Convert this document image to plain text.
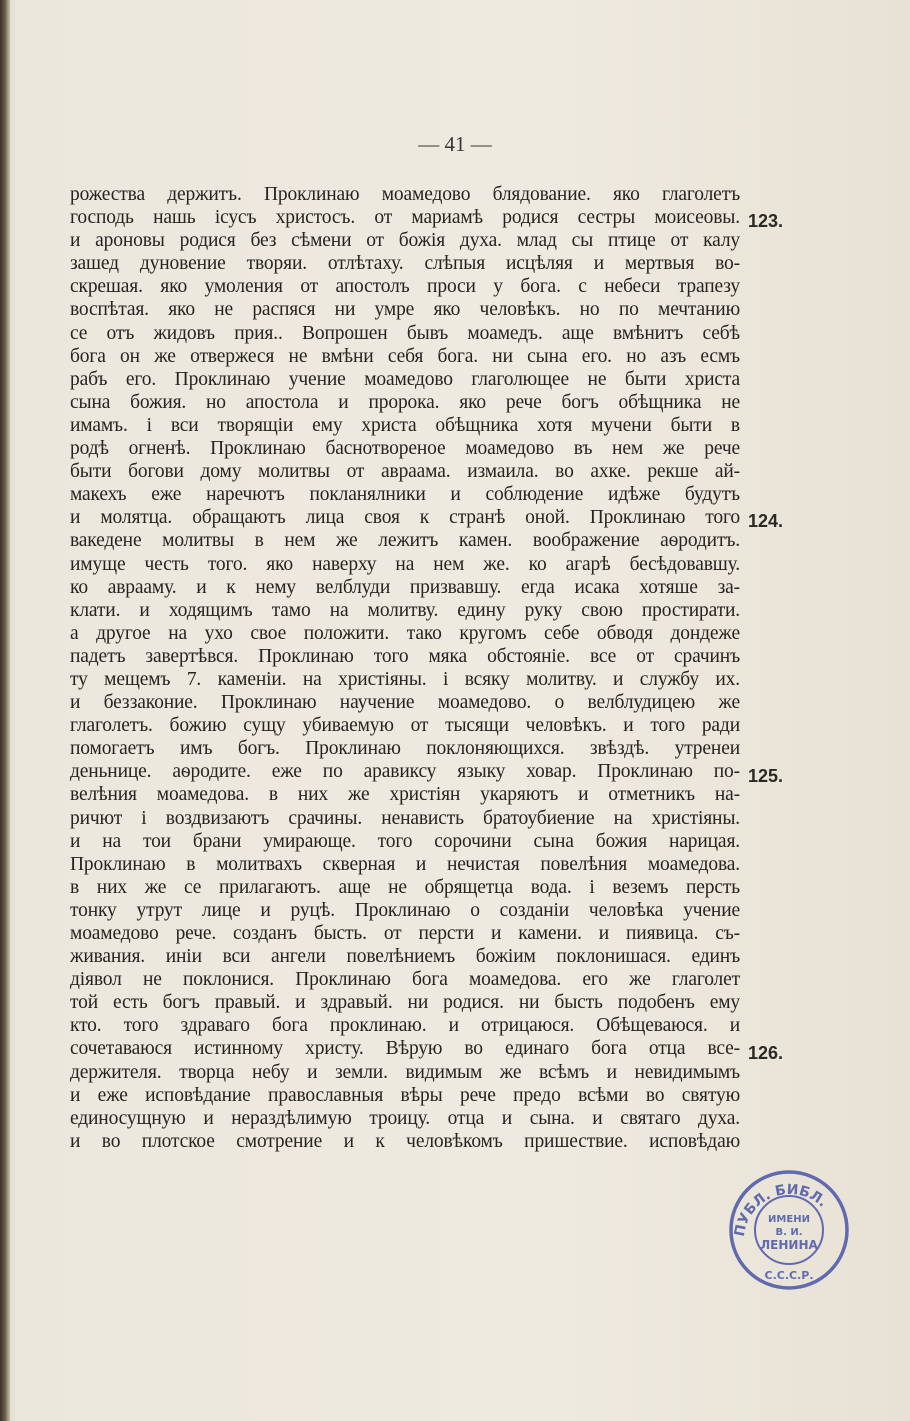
— 41 —
рожества держитъ. Проклинаю моамедово блядование. яко глаголетъ
господь нашь iсусъ христосъ. от мариамѣ родися сестры моисеовы.
и ароновы родися без сѣмени от божiя духа. млад сы птице от калу
зашед дуновение творяи. отлѣтаху. слѣпыя исцѣляя и мертвыя во-
скрешая. яко умоления от апостолъ проси у бога. с небеси трапезу
воспѣтая. яко не распяся ни умре яко человѣкъ. но по мечтанию
се отъ жидовъ прия.. Вопрошен бывъ моамедъ. аще вмѣнитъ себѣ
бога он же отвержеся не вмѣни себя бога. ни сына его. но азъ есмъ
рабъ его. Проклинаю учение моамедово глаголющее не быти христа
сына божия. но апостола и пророка. яко рече богъ обѣщника не
имамъ. i вси творящiи ему христа обѣщника хотя мучени быти в
родѣ огненѣ. Проклинаю баснотвореное моамедово въ нем же рече
быти богови дому молитвы от авраама. измаила. во ахке. рекше ай-
макехъ еже наречютъ покланялники и соблюдение идѣже будутъ
и молятца. обращаютъ лица своя к странѣ оной. Проклинаю того
вакедене молитвы в нем же лежитъ камен. воображение аѳродитъ.
имуще честь того. яко наверху на нем же. ко агарѣ бесѣдовавшу.
ко аврааму. и к нему велблуди призвавшу. егда исака хотяше за-
клати. и ходящимъ тамо на молитву. едину руку свою простирати.
а другое на ухо свое положити. тако кругомъ себе обводя дондеже
падетъ завертѣвся. Проклинаю того мяка обстоянiе. все от срачинъ
ту мещемъ 7. каменiи. на христiяны. i всяку молитву. и службу их.
и беззаконие. Проклинаю научение моамедово. о велблудицею же
глаголетъ. божию сущу убиваемую от тысящи человѣкъ. и того ради
помогаетъ имъ богъ. Проклинаю поклоняющихся. звѣздѣ. утренеи
деньнице. аѳродите. еже по аравиксу языку ховар. Проклинаю по-
велѣния моамедова. в них же христiян укаряютъ и отметникъ на-
ричют i воздвизаютъ срачины. ненависть братоубиение на христiяны.
и на тои брани умирающе. того сорочини сына божия нарицая.
Проклинаю в молитвахъ скверная и нечистая повелѣния моамедова.
в них же се прилагаютъ. аще не обрящетца вода. i веземъ персть
тонку утрут лице и руцѣ. Проклинаю о созданiи человѣка учение
моамедово рече. созданъ бысть. от персти и камени. и пиявица. съ-
живания. инiи вси ангели повелѣниемъ божiим поклонишася. единъ
дiявол не поклонися. Проклинаю бога моамедова. его же глаголет
той есть богъ правый. и здравый. ни родися. ни бысть подобенъ ему
кто. того здраваго бога проклинаю. и отрицаюся. Обѣщеваюся. и
сочетаваюся истинному христу. Вѣрую во единаго бога отца все-
держителя. творца небу и земли. видимым же всѣмъ и невидимымъ
и еже исповѣдание православныя вѣры рече предо всѣми во святую
единосущную и нераздѣлимую троицу. отца и сына. и святаго духа.
и во плотское смотрение и к человѣкомъ пришествие. исповѣдаю
123.
124.
125.
126.
ПУБЛ. БИБЛ.
ИМЕНИ
В. И.
ЛЕНИНА
С.С.С.Р.
